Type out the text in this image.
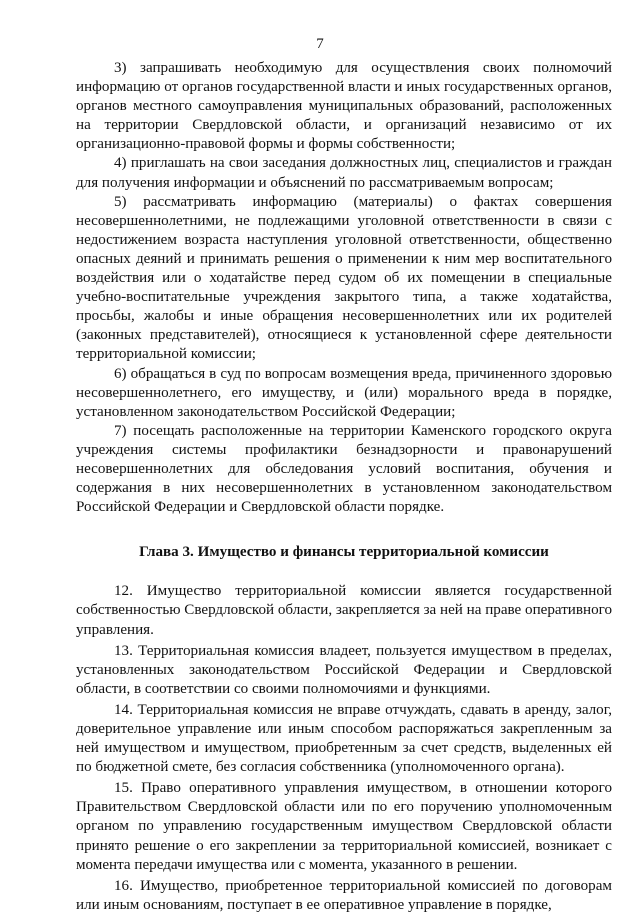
7

3) запрашивать необходимую для осуществления своих полномочий информацию от органов государственной власти и иных государственных органов, органов местного самоуправления муниципальных образований, расположенных на территории Свердловской области, и организаций независимо от их организационно-правовой формы и формы собственности;

4) приглашать на свои заседания должностных лиц, специалистов и граждан для получения информации и объяснений по рассматриваемым вопросам;

5) рассматривать информацию (материалы) о фактах совершения несовершеннолетними, не подлежащими уголовной ответственности в связи с недостижением возраста наступления уголовной ответственности, общественно опасных деяний и принимать решения о применении к ним мер воспитательного воздействия или о ходатайстве перед судом об их помещении в специальные учебно-воспитательные учреждения закрытого типа, а также ходатайства, просьбы, жалобы и иные обращения несовершеннолетних или их родителей (законных представителей), относящиеся к установленной сфере деятельности территориальной комиссии;

6) обращаться в суд по вопросам возмещения вреда, причиненного здоровью несовершеннолетнего, его имуществу, и (или) морального вреда в порядке, установленном законодательством Российской Федерации;

7) посещать расположенные на территории Каменского городского округа учреждения системы профилактики безнадзорности и правонарушений несовершеннолетних для обследования условий воспитания, обучения и содержания в них несовершеннолетних в установленном законодательством Российской Федерации и Свердловской области порядке.

Глава 3. Имущество и финансы территориальной комиссии

12. Имущество территориальной комиссии является государственной собственностью Свердловской области, закрепляется за ней на праве оперативного управления.

13. Территориальная комиссия владеет, пользуется имуществом в пределах, установленных законодательством Российской Федерации и Свердловской области, в соответствии со своими полномочиями и функциями.

14. Территориальная комиссия не вправе отчуждать, сдавать в аренду, залог, доверительное управление или иным способом распоряжаться закрепленным за ней имуществом и имуществом, приобретенным за счет средств, выделенных ей по бюджетной смете, без согласия собственника (уполномоченного органа).

15. Право оперативного управления имуществом, в отношении которого Правительством Свердловской области или по его поручению уполномоченным органом по управлению государственным имуществом Свердловской области принято решение о его закреплении за территориальной комиссией, возникает с момента передачи имущества или с момента, указанного в решении.

16. Имущество, приобретенное территориальной комиссией по договорам или иным основаниям, поступает в ее оперативное управление в порядке,
